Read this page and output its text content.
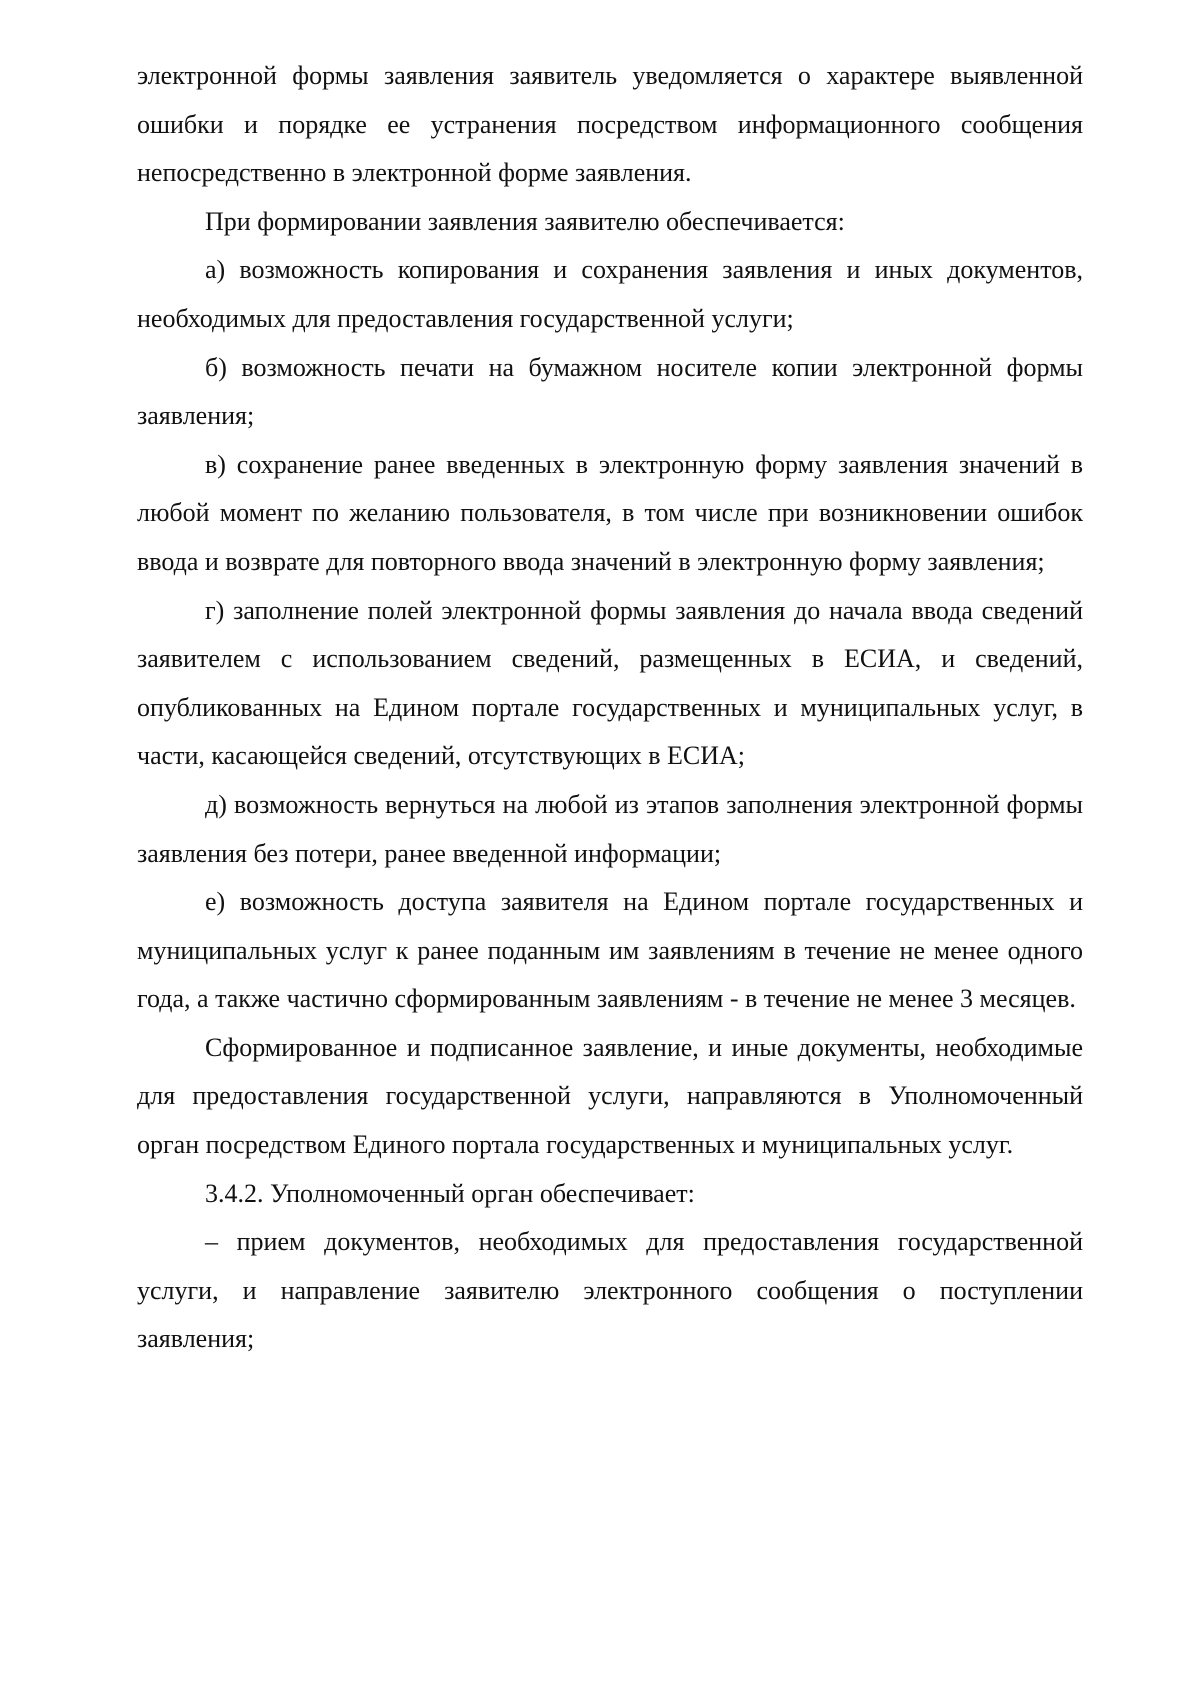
электронной формы заявления заявитель уведомляется о характере выявленной ошибки и порядке ее устранения посредством информационного сообщения непосредственно в электронной форме заявления.

При формировании заявления заявителю обеспечивается:

а) возможность копирования и сохранения заявления и иных документов, необходимых для предоставления государственной услуги;

б) возможность печати на бумажном носителе копии электронной формы заявления;

в) сохранение ранее введенных в электронную форму заявления значений в любой момент по желанию пользователя, в том числе при возникновении ошибок ввода и возврате для повторного ввода значений в электронную форму заявления;

г) заполнение полей электронной формы заявления до начала ввода сведений заявителем с использованием сведений, размещенных в ЕСИА, и сведений, опубликованных на Едином портале государственных и муниципальных услуг, в части, касающейся сведений, отсутствующих в ЕСИА;

д) возможность вернуться на любой из этапов заполнения электронной формы заявления без потери, ранее введенной информации;

е) возможность доступа заявителя на Едином портале государственных и муниципальных услуг к ранее поданным им заявлениям в течение не менее одного года, а также частично сформированным заявлениям - в течение не менее 3 месяцев.

Сформированное и подписанное заявление, и иные документы, необходимые для предоставления государственной услуги, направляются в Уполномоченный орган посредством Единого портала государственных и муниципальных услуг.

3.4.2. Уполномоченный орган обеспечивает:

– прием документов, необходимых для предоставления государственной услуги, и направление заявителю электронного сообщения о поступлении заявления;
